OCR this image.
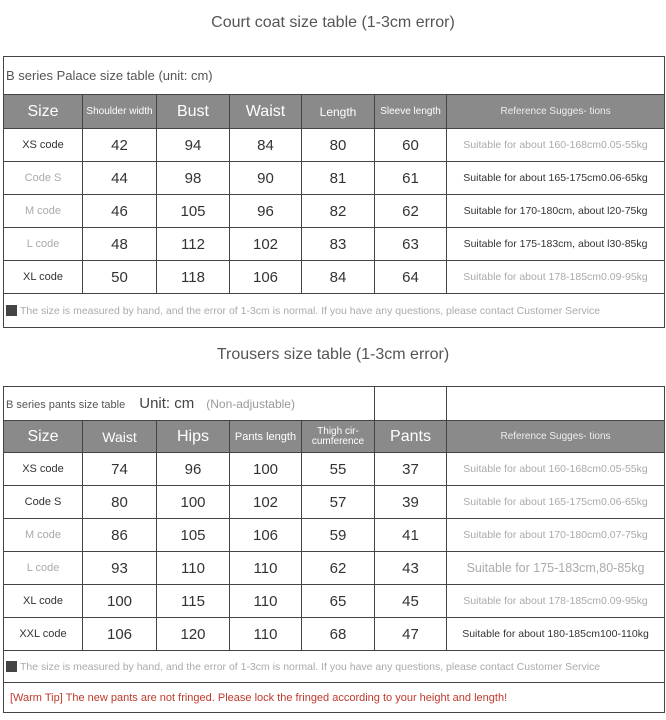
Court coat size table (1-3cm error)
B series Palace size table (unit: cm)						
Size	Shoulder width	Bust	Waist	Length	Sleeve length	Reference Sugges- tions
XS code	42	94	84	80	60	Suitable for about 160-168cm0.05-55kg
Code S	44	98	90	81	61	Suitable for about 165-175cm0.06-65kg
M code	46	105	96	82	62	Suitable for 170-180cm, about l20-75kg
L code	48	112	102	83	63	Suitable for 175-183cm, about l30-85kg
XL code	50	118	106	84	64	Suitable for about 178-185cm0.09-95kg
The size is measured by hand, and the error of 1-3cm is normal. If you have any questions, please contact Customer Service						
Trousers size table (1-3cm error)
B series pants size table Unit: cm (Non-adjustable)						
Size	Waist	Hips	Pants length	Thigh cir- cumference	Pants	Reference Sugges- tions
XS code	74	96	100	55	37	Suitable for about 160-168cm0.05-55kg
Code S	80	100	102	57	39	Suitable for about 165-175cm0.06-65kg
M code	86	105	106	59	41	Suitable for about 170-180cm0.07-75kg
L code	93	110	110	62	43	Suitable for 175-183cm,80-85kg
XL code	100	115	110	65	45	Suitable for about 178-185cm0.09-95kg
XXL code	106	120	110	68	47	Suitable for about 180-185cm100-110kg
The size is measured by hand, and the error of 1-3cm is normal. If you have any questions, please contact Customer Service						
[Warm Tip] The new pants are not fringed. Please lock the fringed according to your height and length!						
